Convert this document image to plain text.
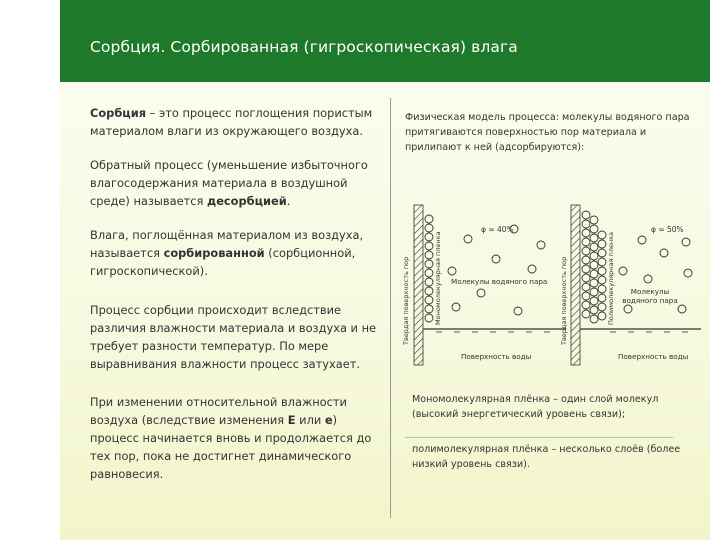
Сорбция. Сорбированная (гигроскопическая) влага

Сорбция – это процесс поглощения пористым материалом влаги из окружающего воздуха.

Обратный процесс (уменьшение избыточного влагосодержания материала в воздушной среде) называется десорбцией.

Влага, поглощённая материалом из воздуха, называется сорбированной (сорбционной, гигроскопической).

Процесс сорбции происходит вследствие различия влажности материала и воздуха и не требует разности температур. По мере выравнивания влажности процесс затухает.

При изменении относительной влажности воздуха (вследствие изменения E или e) процесс начинается вновь и продолжается до тех пор, пока не достигнет динамического равновесия.

Физическая модель процесса: молекулы водяного пара притягиваются поверхностью пор материала и прилипают к ней (адсорбируются):
φ ≈ 40%	φ ≈ 50%
Молекулы водяного пара
Молекулы
водяного пара
Поверхность воды	Поверхность воды
Твердая поверхность пор	Мономолекулярная пленка	Твердая поверхность пор	Полимолекулярная пленка
Мономолекулярная плёнка – один слой молекул (высокий энергетический уровень связи);
полимолекулярная плёнка – несколько слоёв (более низкий уровень связи).
